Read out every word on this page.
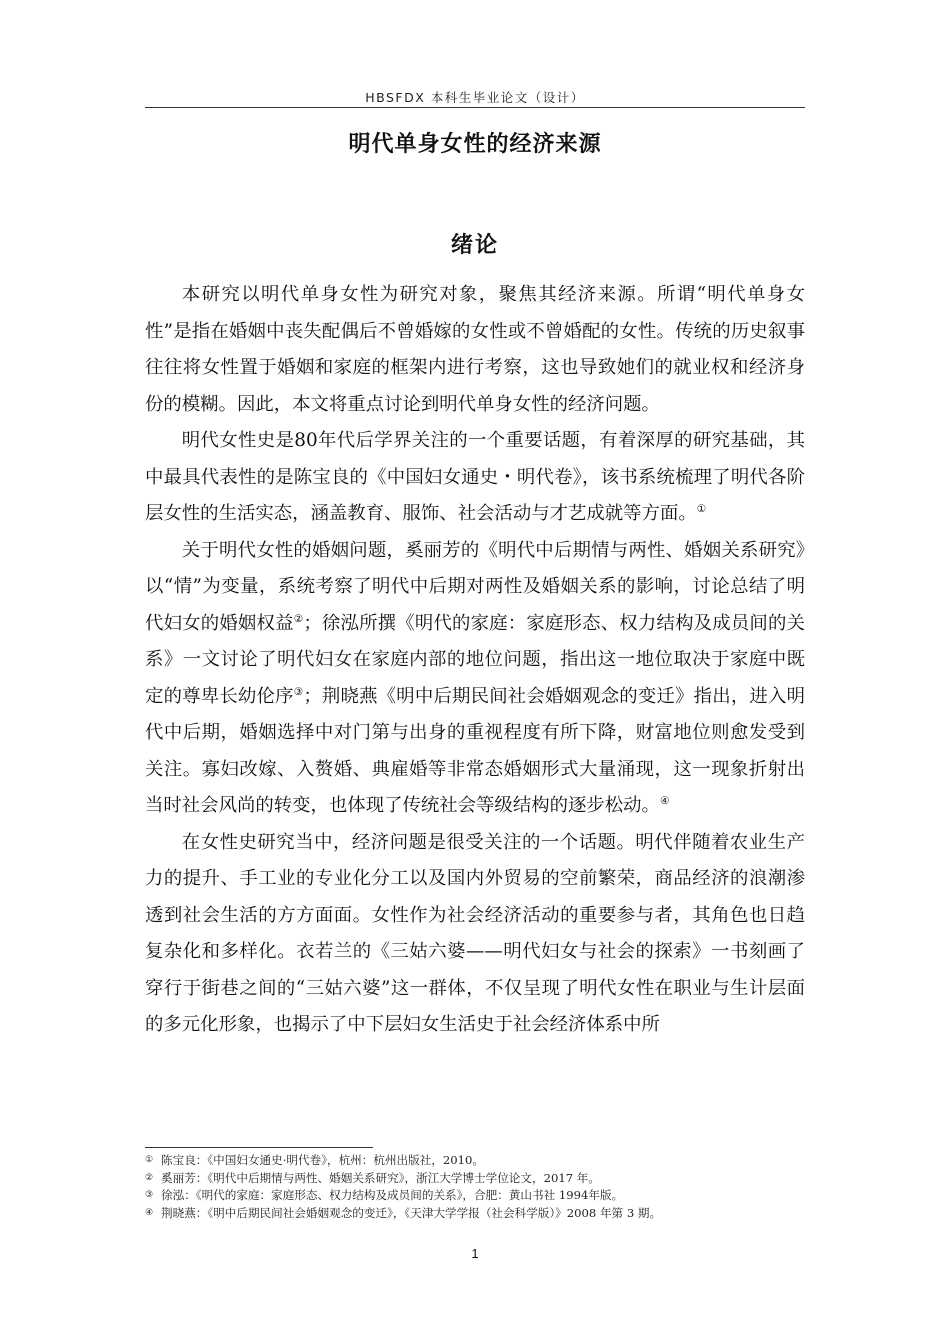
HBSFDX 本科生毕业论文（设计）
明代单身女性的经济来源
绪论

本研究以明代单身女性为研究对象，聚焦其经济来源。所谓“明代单身女性”是指在婚姻中丧失配偶后不曾婚嫁的女性或不曾婚配的女性。传统的历史叙事往往将女性置于婚姻和家庭的框架内进行考察，这也导致她们的就业权和经济身份的模糊。因此，本文将重点讨论到明代单身女性的经济问题。

明代女性史是80年代后学界关注的一个重要话题，有着深厚的研究基础，其中最具代表性的是陈宝良的《中国妇女通史・明代卷》，该书系统梳理了明代各阶层女性的生活实态，涵盖教育、服饰、社会活动与才艺成就等方面。①

关于明代女性的婚姻问题，奚丽芳的《明代中后期情与两性、婚姻关系研究》以“情”为变量，系统考察了明代中后期对两性及婚姻关系的影响，讨论总结了明代妇女的婚姻权益②；徐泓所撰《明代的家庭：家庭形态、权力结构及成员间的关系》一文讨论了明代妇女在家庭内部的地位问题，指出这一地位取决于家庭中既定的尊卑长幼伦序③；荆晓燕《明中后期民间社会婚姻观念的变迁》指出，进入明代中后期，婚姻选择中对门第与出身的重视程度有所下降，财富地位则愈发受到关注。寡妇改嫁、入赘婚、典雇婚等非常态婚姻形式大量涌现，这一现象折射出当时社会风尚的转变，也体现了传统社会等级结构的逐步松动。④

在女性史研究当中，经济问题是很受关注的一个话题。明代伴随着农业生产力的提升、手工业的专业化分工以及国内外贸易的空前繁荣，商品经济的浪潮渗透到社会生活的方方面面。女性作为社会经济活动的重要参与者，其角色也日趋复杂化和多样化。衣若兰的《三姑六婆——明代妇女与社会的探索》一书刻画了穿行于街巷之间的“三姑六婆”这一群体，不仅呈现了明代女性在职业与生计层面的多元化形象，也揭示了中下层妇女生活史于社会经济体系中所

① 陈宝良：《中国妇女通史·明代卷》，杭州：杭州出版社，2010。
② 奚丽芳：《明代中后期情与两性、婚姻关系研究》，浙江大学博士学位论文，2017 年。
③ 徐泓：《明代的家庭：家庭形态、权力结构及成员间的关系》，合肥：黄山书社 1994年版。
④ 荆晓燕：《明中后期民间社会婚姻观念的变迁》，《天津大学学报（社会科学版）》2008 年第 3 期。
1
